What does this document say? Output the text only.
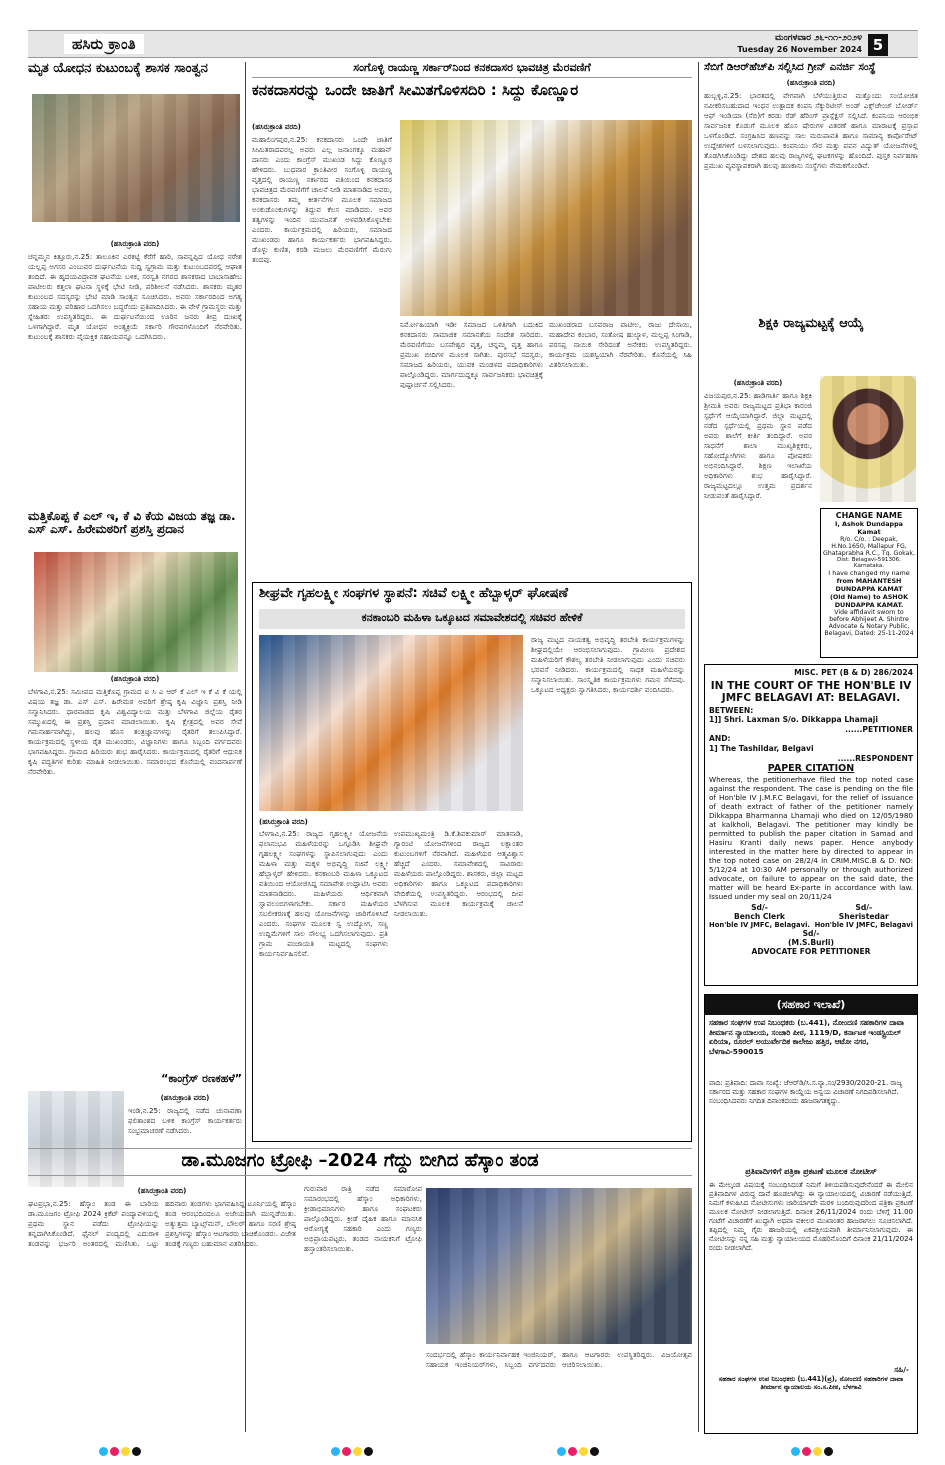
ಹಸಿರು ಕ್ರಾಂತಿ	ಮಂಗಳವಾರ ೨೬-೧೧-೨೦೨೪
Tuesday 26 November 2024 5
ಮೃತ ಯೋಧನ ಕುಟುಂಬಕ್ಕೆ ಶಾಸಕ ಸಾಂತ್ವನ
(ಹಸಿರುಕ್ರಾಂತಿ ವರದಿ)
ಚನ್ನಮ್ಮನ ಕಿತ್ತೂರು,ನ.25: ತಾಲೂಕಿನ ಎರಕಟ್ಟಿ ಕೆರೆಗೆ ಹಾರಿ, ಸಾವನ್ನಪ್ಪಿದ ಯೋಧ ನರೇಶ ಯಲ್ಲಪ್ಪ ಅಗಸರ ಎಂಬುವರ ದುರ್ಘಟನೆಯ ಸುದ್ದಿ ಸ್ವಗ್ರಾಮ ಮತ್ತು ಕುಟುಂಬದವರಲ್ಲಿ ಆಘಾತ ತಂದಿದೆ. ಈ ಹೃದಯವಿದ್ರಾವಕ ಘಟನೆಯ ಬಳಿಕ, ಸರಸ್ವತಿ ನಗರದ ಶಾಸಕರಾದ ಬಾಬಾಸಾಹೇಬ ಪಾಟೀಲರು ಕತ್ತಲಾ ಘಟನಾ ಸ್ಥಳಕ್ಕೆ ಭೇಟಿ ನೀಡಿ, ಪರಿಶೀಲನೆ ನಡೆಸಿದರು. ಶಾಸಕರು ಮೃತರ ಕುಟುಂಬದ ಸದಸ್ಯರನ್ನು ಭೇಟಿ ಮಾಡಿ ಸಾಂತ್ವನ ಸೂಚಿಸಿದರು. ಅವರು ಸರ್ಕಾರದಿಂದ ಅಗತ್ಯ ಸಹಾಯ ಮತ್ತು ಪರಿಹಾರ ಒದಗಿಸಲು ಬದ್ಧರೆಂದು ಪ್ರತಿಪಾದಿಸಿದರು. ಈ ವೇಳೆ ಗ್ರಾಮಸ್ಥರು ಮತ್ತು ಸ್ನೇಹಿತರು ಉಪಸ್ಥಿತರಿದ್ದರು. ಈ ದುರ್ಘಟನೆಯಿಂದ ಊರಿನ ಜನರು ತೀವ್ರ ದುಃಖಕ್ಕೆ ಒಳಗಾಗಿದ್ದಾರೆ. ಮೃತ ಯೋಧನ ಅಂತ್ಯಕ್ರಿಯೆ ಸರ್ಕಾರಿ ಗೌರವಗಳೊಂದಿಗೆ ನೆರವೇರಿತು. ಕುಟುಂಬಕ್ಕೆ ಶಾಸಕರು ವೈಯಕ್ತಿಕ ಸಹಾಯವನ್ನೂ ಒದಗಿಸಿದರು.
ಮತ್ತಿಕೊಪ್ಪ ಕೆ ಎಲ್ ಇ, ಕೆ ವಿ ಕೆಯ ವಿಜಯ ತಜ್ಞ ಡಾ. ಎಸ್ ಎಸ್. ಹಿರೇಮಠರಿಗೆ ಪ್ರಶಸ್ತಿ ಪ್ರದಾನ
(ಹಸಿರುಕ್ರಾಂತಿ ವರದಿ)
ಬೆಳಗಾವಿ,ನ.25: ಸಮೀಪದ ಮತ್ತಿಕೊಪ್ಪ ಗ್ರಾಮದ ಐ ಸಿ ಎ ಆರ್ ಕೆ ಎಲ್ ಇ ಕೆ ವಿ ಕೆ ಯಲ್ಲಿ ವಿಷಯ ತಜ್ಞ ಡಾ. ಎಸ್ ಎಸ್. ಹಿರೇಮಠ ಅವರಿಗೆ ಶ್ರೇಷ್ಠ ಕೃಷಿ ವಿಜ್ಞಾನಿ ಪ್ರಶಸ್ತಿ ನೀಡಿ ಸನ್ಮಾನಿಸಿದರು. ಧಾರವಾಡದ ಕೃಷಿ ವಿಶ್ವವಿದ್ಯಾಲಯ ಮತ್ತು ಬೆಳಗಾವಿ ಜಿಲ್ಲೆಯ ರೈತರ ಸಮ್ಮುಖದಲ್ಲಿ ಈ ಪ್ರಶಸ್ತಿ ಪ್ರದಾನ ಮಾಡಲಾಯಿತು. ಕೃಷಿ ಕ್ಷೇತ್ರದಲ್ಲಿ ಅವರ ಸೇವೆ ಗಮನಾರ್ಹವಾಗಿದ್ದು, ಹಲವು ಹೊಸ ತಂತ್ರಜ್ಞಾನಗಳನ್ನು ರೈತರಿಗೆ ತಲುಪಿಸಿದ್ದಾರೆ. ಕಾರ್ಯಕ್ರಮದಲ್ಲಿ ಸ್ಥಳೀಯ ರೈತ ಮುಖಂಡರು, ವಿಜ್ಞಾನಿಗಳು ಹಾಗೂ ಸಿಬ್ಬಂದಿ ವರ್ಗದವರು ಭಾಗವಹಿಸಿದ್ದರು. ಗ್ರಾಮದ ಹಿರಿಯರು ಶುಭ ಹಾರೈಸಿದರು. ಕಾರ್ಯಕ್ರಮದಲ್ಲಿ ರೈತರಿಗೆ ಆಧುನಿಕ ಕೃಷಿ ಪದ್ಧತಿಗಳ ಕುರಿತು ಮಾಹಿತಿ ನೀಡಲಾಯಿತು. ಸಮಾರಂಭದ ಕೊನೆಯಲ್ಲಿ ವಂದನಾರ್ಪಣೆ ನೆರವೇರಿತು.
“ಕಾಂಗ್ರೆಸ್ ರಣಕಹಳೆ”
(ಹಸಿರುಕ್ರಾಂತಿ ವರದಿ)
ಇಂಡಿ,ನ.25: ರಾಜ್ಯದಲ್ಲಿ ನಡೆದ ಚುನಾವಣಾ ಫಲಿತಾಂಶದ ಬಳಿಕ ಕಾಂಗ್ರೆಸ್ ಕಾರ್ಯಕರ್ತರು ಸಂಭ್ರಮಾಚರಣೆ ನಡೆಸಿದರು.
ಸಂಗೊಳ್ಳಿ ರಾಯಣ್ಣ ಸರ್ಕಾರ್‌ನಿಂದ ಕನಕದಾಸರ ಭಾವಚಿತ್ರ ಮೆರವಣಿಗೆ
ಕನಕದಾಸರನ್ನು ಒಂದೇ ಜಾತಿಗೆ ಸೀಮಿತಗೊಳಿಸದಿರಿ : ಸಿದ್ದು ಕೊಣ್ಣೂರ
(ಹಸಿರುಕ್ರಾಂತಿ ವರದಿ)
ಮಹಾಲಿಂಗಪುರ,ನ.25: ಕನಕದಾಸರು ಒಂದೇ ಜಾತಿಗೆ ಸೀಮಿತರಾದವರಲ್ಲ ಅವರು ಎಲ್ಲ ಜನಾಂಗಕ್ಕೂ ಮಹಾನ್ ದಾಸರು ಎಂದು ಕಾಂಗ್ರೆಸ್ ಮುಖಂಡ ಸಿದ್ದು ಕೊಣ್ಣೂರ ಹೇಳಿದರು. ಬುಧವಾರ ಕ್ರಾಂತಿವೀರ ಸಂಗೊಳ್ಳಿ ರಾಯಣ್ಣ ವೃತ್ತದಲ್ಲಿ ರಾಯಣ್ಣ ಸರ್ಕಾರದ ವತಿಯಿಂದ ಕನಕದಾಸರ ಭಾವಚಿತ್ರದ ಮೆರವಣಿಗೆಗೆ ಚಾಲನೆ ನೀಡಿ ಮಾತನಾಡಿದ ಅವರು, ಕನಕದಾಸರು ತಮ್ಮ ಕೀರ್ತನೆಗಳ ಮೂಲಕ ಸಮಾಜದ ಅಂಕುಡೊಂಕುಗಳನ್ನು ತಿದ್ದುವ ಕೆಲಸ ಮಾಡಿದರು. ಅವರ ತತ್ವಗಳನ್ನು ಇಂದಿನ ಯುವಜನತೆ ಅಳವಡಿಸಿಕೊಳ್ಳಬೇಕು ಎಂದರು. ಕಾರ್ಯಕ್ರಮದಲ್ಲಿ ಹಿರಿಯರು, ಸಮಾಜದ ಮುಖಂಡರು ಹಾಗೂ ಕಾರ್ಯಕರ್ತರು ಭಾಗವಹಿಸಿದ್ದರು. ಡೊಳ್ಳು ಕುಣಿತ, ಕರಡಿ ಮಜಲು ಮೆರವಣಿಗೆಗೆ ಮೆರುಗು ತಂದವು.
ನಿರ್ಮೋಹಿಯಾಗಿ ಇಡೀ ಸಮಾಜದ ಒಳಿತಿಗಾಗಿ ಬದುಕಿದ ಕನಕದಾಸರು ಸಾಮಾಜಿಕ ಸಮಾನತೆಯ ಸಂದೇಶ ಸಾರಿದರು. ಮೆರವಣಿಗೆಯು ಬಸವೇಶ್ವರ ವೃತ್ತ, ಚನ್ನಮ್ಮ ವೃತ್ತ ಹಾಗೂ ಪ್ರಮುಖ ಬೀದಿಗಳ ಮೂಲಕ ಸಾಗಿತು. ಪುರಸಭೆ ಸದಸ್ಯರು, ಸಮಾಜದ ಹಿರಿಯರು, ಯುವಕ ಮಂಡಳದ ಪದಾಧಿಕಾರಿಗಳು ಪಾಲ್ಗೊಂಡಿದ್ದರು. ಮಾರ್ಗದುದ್ದಕ್ಕೂ ಸಾರ್ವಜನಿಕರು ಭಾವಚಿತ್ರಕ್ಕೆ ಪುಷ್ಪಾರ್ಚನೆ ಸಲ್ಲಿಸಿದರು.
ಮುಖಂಡರಾದ ಬಸವರಾಜ ಪಾಟೀಲ, ರಾಜು ದೇಸಾಯಿ, ಮಹಾದೇವ ಕಂಬಾರ, ಸಂತೋಷ ಹುಲ್ಯಾಳ, ಮಲ್ಲಪ್ಪ ಸಿಂಗಾಡಿ, ಪರಸಪ್ಪ ನಾಯಿಕ ಸೇರಿದಂತೆ ಅನೇಕರು ಉಪಸ್ಥಿತರಿದ್ದರು. ಕಾರ್ಯಕ್ರಮ ಯಶಸ್ವಿಯಾಗಿ ನೆರವೇರಿತು. ಕೊನೆಯಲ್ಲಿ ಸಿಹಿ ವಿತರಿಸಲಾಯಿತು.
ಶೀಘ್ರವೇ ಗೃಹಲಕ್ಷ್ಮೀ ಸಂಘಗಳ ಸ್ಥಾಪನೆ: ಸಚಿವೆ ಲಕ್ಷ್ಮೀ ಹೆಬ್ಬಾಳ್ಕರ್ ಘೋಷಣೆ
ಕನಕಾಂಬರಿ ಮಹಿಳಾ ಒಕ್ಕೂಟದ ಸಮಾವೇಶದಲ್ಲಿ ಸಚಿವರ ಹೇಳಿಕೆ
(ಹಸಿರುಕ್ರಾಂತಿ ವರದಿ)
ಬೆಳಗಾವಿ,ನ.25: ರಾಜ್ಯದ ಗೃಹಲಕ್ಷ್ಮೀ ಯೋಜನೆಯ ಫಲಾನುಭವಿ ಮಹಿಳೆಯರನ್ನು ಒಗ್ಗೂಡಿಸಿ ಶೀಘ್ರವೇ ಗೃಹಲಕ್ಷ್ಮೀ ಸಂಘಗಳನ್ನು ಸ್ಥಾಪಿಸಲಾಗುವುದು ಎಂದು ಮಹಿಳಾ ಮತ್ತು ಮಕ್ಕಳ ಅಭಿವೃದ್ಧಿ ಸಚಿವೆ ಲಕ್ಷ್ಮೀ ಹೆಬ್ಬಾಳ್ಕರ್ ಹೇಳಿದರು. ಕನಕಾಂಬರಿ ಮಹಿಳಾ ಒಕ್ಕೂಟದ ವತಿಯಿಂದ ಆಯೋಜಿಸಿದ್ದ ಸಮಾವೇಶ ಉದ್ಘಾಟಿಸಿ ಅವರು ಮಾತನಾಡಿದರು. ಮಹಿಳೆಯರು ಆರ್ಥಿಕವಾಗಿ ಸ್ವಾವಲಂಬಿಗಳಾಗಬೇಕು. ಸರ್ಕಾರ ಮಹಿಳೆಯರ ಸಬಲೀಕರಣಕ್ಕೆ ಹಲವು ಯೋಜನೆಗಳನ್ನು ಜಾರಿಗೊಳಿಸಿದೆ ಎಂದರು. ಸಂಘಗಳ ಮೂಲಕ ಸ್ವ ಉದ್ಯೋಗ, ಸಣ್ಣ ಉದ್ದಿಮೆಗಳಿಗೆ ಸಾಲ ಸೌಲಭ್ಯ ಒದಗಿಸಲಾಗುವುದು. ಪ್ರತಿ ಗ್ರಾಮ ಪಂಚಾಯತಿ ಮಟ್ಟದಲ್ಲಿ ಸಂಘಗಳು ಕಾರ್ಯನಿರ್ವಹಿಸಲಿವೆ.
ಉಪಮುಖ್ಯಮಂತ್ರಿ ಡಿ.ಕೆ.ಶಿವಕುಮಾರ್ ಮಾತನಾಡಿ, ಗ್ಯಾರಂಟಿ ಯೋಜನೆಗಳಿಂದ ರಾಜ್ಯದ ಲಕ್ಷಾಂತರ ಕುಟುಂಬಗಳಿಗೆ ನೆರವಾಗಿದೆ. ಮಹಿಳೆಯರ ಆತ್ಮವಿಶ್ವಾಸ ಹೆಚ್ಚಿದೆ ಎಂದರು. ಸಮಾವೇಶದಲ್ಲಿ ಸಾವಿರಾರು ಮಹಿಳೆಯರು ಪಾಲ್ಗೊಂಡಿದ್ದರು. ಶಾಸಕರು, ಜಿಲ್ಲಾ ಮಟ್ಟದ ಅಧಿಕಾರಿಗಳು ಹಾಗೂ ಒಕ್ಕೂಟದ ಪದಾಧಿಕಾರಿಗಳು ವೇದಿಕೆಯಲ್ಲಿ ಉಪಸ್ಥಿತರಿದ್ದರು. ಆರಂಭದಲ್ಲಿ ದೀಪ ಬೆಳಗಿಸುವ ಮೂಲಕ ಕಾರ್ಯಕ್ರಮಕ್ಕೆ ಚಾಲನೆ ನೀಡಲಾಯಿತು.
ರಾಜ್ಯ ಮಟ್ಟದ ನಾಯಕತ್ವ ಅಭಿವೃದ್ಧಿ ತರಬೇತಿ ಕಾರ್ಯಕ್ರಮಗಳನ್ನು ಶೀಘ್ರದಲ್ಲಿಯೇ ಆರಂಭಿಸಲಾಗುವುದು. ಗ್ರಾಮೀಣ ಪ್ರದೇಶದ ಮಹಿಳೆಯರಿಗೆ ಕೌಶಲ್ಯ ತರಬೇತಿ ನೀಡಲಾಗುವುದು ಎಂದು ಸಚಿವರು ಭರವಸೆ ನೀಡಿದರು. ಕಾರ್ಯಕ್ರಮದಲ್ಲಿ ಸಾಧಕ ಮಹಿಳೆಯರನ್ನು ಸನ್ಮಾನಿಸಲಾಯಿತು. ಸಾಂಸ್ಕೃತಿಕ ಕಾರ್ಯಕ್ರಮಗಳು ಗಮನ ಸೆಳೆದವು. ಒಕ್ಕೂಟದ ಅಧ್ಯಕ್ಷರು ಸ್ವಾಗತಿಸಿದರು, ಕಾರ್ಯದರ್ಶಿ ವಂದಿಸಿದರು.
ಡಾ.ಮೂಜಗಂ ಟ್ರೋಫಿ –2024 ಗೆದ್ದು ಬೀಗಿದ ಹೆಸ್ಕಾಂ ತಂಡ
(ಹಸಿರುಕ್ರಾಂತಿ ವರದಿ)
ಘಟಪ್ರಭಾ,ನ.25: ಹೆಸ್ಕಾಂ ತಂಡ ಈ ಬಾರಿಯ ಡಾ.ಮೂಜಗಂ ಟ್ರೋಫಿ 2024 ಕ್ರಿಕೆಟ್ ಪಂದ್ಯಾವಳಿಯಲ್ಲಿ ಪ್ರಥಮ ಸ್ಥಾನ ಪಡೆದು ಟ್ರೋಫಿಯನ್ನು ತನ್ನದಾಗಿಸಿಕೊಂಡಿದೆ. ಫೈನಲ್ ಪಂದ್ಯದಲ್ಲಿ ಎದುರಾಳಿ ತಂಡವನ್ನು ಭರ್ಜರಿ ಅಂತರದಲ್ಲಿ ಮಣಿಸಿತು. ಒಟ್ಟು ಹದಿನಾರು ತಂಡಗಳು ಭಾಗವಹಿಸಿದ್ದ ಟೂರ್ನಿಯಲ್ಲಿ ಹೆಸ್ಕಾಂ ತಂಡ ಆರಂಭದಿಂದಲೂ ಅಜೇಯವಾಗಿ ಮುನ್ನಡೆಯಿತು. ಅತ್ಯುತ್ತಮ ಬ್ಯಾಟ್ಸ್‌ಮನ್, ಬೌಲರ್ ಹಾಗೂ ಸರಣಿ ಶ್ರೇಷ್ಠ ಪ್ರಶಸ್ತಿಗಳನ್ನು ಹೆಸ್ಕಾಂ ಆಟಗಾರರು ಬಾಚಿಕೊಂಡರು. ವಿಜೇತ ತಂಡಕ್ಕೆ ಗಣ್ಯರು ಬಹುಮಾನ ವಿತರಿಸಿದರು.
ಗುರುವಾರ ರಾತ್ರಿ ನಡೆದ ಸಮಾರೋಪ ಸಮಾರಂಭದಲ್ಲಿ ಹೆಸ್ಕಾಂ ಅಧಿಕಾರಿಗಳು, ಕ್ರೀಡಾಭಿಮಾನಿಗಳು ಹಾಗೂ ಸಂಘಟಕರು ಪಾಲ್ಗೊಂಡಿದ್ದರು. ಕ್ರೀಡೆ ದೈಹಿಕ ಹಾಗೂ ಮಾನಸಿಕ ಆರೋಗ್ಯಕ್ಕೆ ಸಹಕಾರಿ ಎಂದು ಗಣ್ಯರು ಅಭಿಪ್ರಾಯಪಟ್ಟರು. ತಂಡದ ನಾಯಕನಿಗೆ ಟ್ರೋಫಿ ಹಸ್ತಾಂತರಿಸಲಾಯಿತು.
ಸಂದರ್ಭದಲ್ಲಿ ಹೆಸ್ಕಾಂ ಕಾರ್ಯನಿರ್ವಾಹಕ ಇಂಜಿನಿಯರ್, ಸಹಾಯಕ ಇಂಜಿನಿಯರ್‌ಗಳು, ಸಿಬ್ಬಂದಿ ವರ್ಗದವರು ಹಾಗೂ ಆಟಗಾರರು ಉಪಸ್ಥಿತರಿದ್ದರು. ವಿಜಯೋತ್ಸವ ಆಚರಿಸಲಾಯಿತು.
ಸೆಬಿಗೆ ಡಿಆರ್‌ಹೆಚ್‌ಪಿ ಸಲ್ಲಿಸಿದ ಗ್ರೀನ್ ಎನರ್ಜಿ ಸಂಸ್ಥೆ
(ಹಸಿರುಕ್ರಾಂತಿ ವರದಿ)
ಹುಬ್ಬಳ್ಳಿ,ನ.25: ಭಾರತದಲ್ಲಿ ವೇಗವಾಗಿ ಬೆಳೆಯುತ್ತಿರುವ ಮತ್ತೊಂದು ಸಂಯೋಜಿತ ನವೀಕರಿಸಬಹುದಾದ ಇಂಧನ ಉತ್ಪಾದಕ ಕಂಪನಿ ಸೆಕ್ಯುರಿಟೀಸ್ ಅಂಡ್ ಎಕ್ಸ್‌ಚೇಂಜ್ ಬೋರ್ಡ್ ಆಫ್ ಇಂಡಿಯಾ (ಸೆಬಿ)ಗೆ ಕರಡು ರೆಡ್ ಹೆರಿಂಗ್ ಪ್ರಾಸ್ಪೆಕ್ಟಸ್ ಸಲ್ಲಿಸಿದೆ. ಕಂಪನಿಯ ಆರಂಭಿಕ ಸಾರ್ವಜನಿಕ ಕೊಡುಗೆ ಮೂಲಕ ಹೊಸ ಷೇರುಗಳ ವಿತರಣೆ ಹಾಗೂ ಮಾರಾಟಕ್ಕೆ ಪ್ರಸ್ತಾಪ ಒಳಗೊಂಡಿದೆ. ಸಂಗ್ರಹಿಸಿದ ಹಣವನ್ನು ಸಾಲ ಮರುಪಾವತಿ ಹಾಗೂ ಸಾಮಾನ್ಯ ಕಾರ್ಪೊರೇಟ್ ಉದ್ದೇಶಗಳಿಗೆ ಬಳಸಲಾಗುವುದು. ಕಂಪನಿಯು ಸೌರ ಮತ್ತು ಪವನ ವಿದ್ಯುತ್ ಯೋಜನೆಗಳಲ್ಲಿ ತೊಡಗಿಸಿಕೊಂಡಿದ್ದು ದೇಶದ ಹಲವು ರಾಜ್ಯಗಳಲ್ಲಿ ಘಟಕಗಳನ್ನು ಹೊಂದಿದೆ. ಪುಸ್ತಕ ನಿರ್ವಹಣಾ ಪ್ರಮುಖ ವ್ಯವಸ್ಥಾಪಕರಾಗಿ ಹಲವು ಹಣಕಾಸು ಸಂಸ್ಥೆಗಳು ನೇಮಕಗೊಂಡಿವೆ.
ಶಿಕ್ಷಕಿ ರಾಜ್ಯಮಟ್ಟಕ್ಕೆ ಆಯ್ಕೆ
(ಹಸಿರುಕ್ರಾಂತಿ ವರದಿ)
ವಿಜಯಪುರ,ನ.25: ಹಾಡಿಗಾರ್ತಿ ಹಾಗೂ ಶಿಕ್ಷಕಿ ಶ್ರೀಮತಿ ಅವರು ರಾಜ್ಯಮಟ್ಟದ ಪ್ರತಿಭಾ ಕಾರಂಜಿ ಸ್ಪರ್ಧೆಗೆ ಆಯ್ಕೆಯಾಗಿದ್ದಾರೆ. ಜಿಲ್ಲಾ ಮಟ್ಟದಲ್ಲಿ ನಡೆದ ಸ್ಪರ್ಧೆಯಲ್ಲಿ ಪ್ರಥಮ ಸ್ಥಾನ ಪಡೆದ ಅವರು ಶಾಲೆಗೆ ಕೀರ್ತಿ ತಂದಿದ್ದಾರೆ. ಅವರ ಸಾಧನೆಗೆ ಶಾಲಾ ಮುಖ್ಯಶಿಕ್ಷಕರು, ಸಹೋದ್ಯೋಗಿಗಳು ಹಾಗೂ ಪೋಷಕರು ಅಭಿನಂದಿಸಿದ್ದಾರೆ. ಶಿಕ್ಷಣ ಇಲಾಖೆಯ ಅಧಿಕಾರಿಗಳು ಶುಭ ಹಾರೈಸಿದ್ದಾರೆ. ರಾಜ್ಯಮಟ್ಟದಲ್ಲೂ ಉತ್ತಮ ಪ್ರದರ್ಶನ ನೀಡುವಂತೆ ಹಾರೈಸಿದ್ದಾರೆ.
CHANGE NAME
I, Ashok Dundappa Kamat
R/o. C/o. : Deepak,
H.No.1650, Mallapur FG,
Ghataprabha R.C., Tq. Gokak,
Dist: Belagavi-591306, Karnataka.
I have changed my name
from MAHANTESH
DUNDAPPA KAMAT
(Old Name) to ASHOK
DUNDAPPA KAMAT.
Vide affidavit sworn to
before Abhijeet A. Shintre
Advocate & Notary Public,
Belagavi, Dated: 25-11-2024

MISC. PET (B & D) 286/2024

IN THE COURT OF THE HON'BLE IV JMFC BELAGAVI AT: BELAGAVI.

BETWEEN:

1]] Shri. Laxman S/o. Dikkappa Lhamaji

......PETITIONER

AND:

1] The Tashildar, Belgavi

......RESPONDENT

PAPER CITATION

Whereas, the petitionerhave filed the top noted case against the respondent. The case is pending on the file of Hon'ble IV J.M.F.C Belagavi, for the relief of issuance of death extract of father of the petitioner namely Dikkappa Bharmanna Lhamaji who died on 12/05/1980 at kalkholi, Belagavi. The petitioner may kindly be permitted to publish the paper citation in Samad and Hasiru Kranti daily news paper. Hence anybody interested in the matter here by directed to appear in the top noted case on 28/2/4 in CRIM.MISC.B & D. NO: 5/12/24 at 10:30 AM personally or through authorized advocate, on failure to appear on the said date, the matter will be heard Ex-parte in accordance with law. Issued under my seal on 20/11/24

Sd/-
Bench Clerk
Hon'ble IV JMFC, Belagavi.
Sd/-
Sheristedar
Hon'ble IV JMFC, Belagavi
Sd/-
(M.S.Burli)
ADVOCATE FOR PETITIONER
(ಸಹಕಾರ ಇಲಾಖೆ)
ಸಹಕಾರ ಸಂಘಗಳ ಉಪ ನಿಬಂಧಕರು (ಬ.441), ನೋಂದಣಿ ಸಹಕಾರಿಗಳ ದಾವಾ ತೀರ್ಮಾನ ನ್ಯಾಯಾಲಯ, ಸಂಚಾರಿ ಪೀಠ, 1119/D, ಕರ್ನಾಟಕ ಇಂಡಸ್ಟ್ರಿಯಲ್ ಏರಿಯಾ, ರೂರಲ್ ಅಯುರ್ವೇದಿಕ ಕಾಲೇಜು ಹತ್ತಿರ, ಆಟೋ ನಗರ, ಬೆಳಗಾವಿ-590015
ವಾದಿ: ಪ್ರತಿವಾದಿ: ದಾವಾ ಸಂಖ್ಯೆ: ಜೆಆರ್‌ಡಿ/ಸಿ.ಸ.ನ್ಯಾ.ಸಂ/2930/2020-21. ರಾಜ್ಯ ಸರ್ಕಾರದ ಮತ್ತು ಸಹಕಾರ ಸಂಘಗಳ ಕಾಯ್ದೆಯ ಅನ್ವಯ ವಿಚಾರಣೆ ನಿಗದಿಪಡಿಸಲಾಗಿದೆ. ಸಂಬಂಧಿಸಿದವರು ನಿಗದಿತ ದಿನಾಂಕದಂದು ಹಾಜರಾಗತಕ್ಕದ್ದು.
ಪ್ರತಿವಾದಿಗಳಿಗೆ ಪತ್ರಿಕಾ ಪ್ರಕಟಣೆ ಮೂಲಕ ನೋಟೀಸ್
ಈ ಮೇಲ್ಕಂಡ ವಿಷಯಕ್ಕೆ ಸಂಬಂಧಿಸಿದಂತೆ ನಿಮಗೆ ತಿಳಿಯಪಡಿಸುವುದೇನೆಂದರೆ ಈ ಮೇಲಿನ ಪ್ರತಿವಾದಿಗಳ ವಿರುದ್ಧ ದಾವೆ ಹೂಡಲಾಗಿದ್ದು ಈ ನ್ಯಾಯಾಲಯದಲ್ಲಿ ವಿಚಾರಣೆ ನಡೆಯುತ್ತಿದೆ. ನಿಮಗೆ ಕಳುಹಿಸಿದ ನೋಟೀಸುಗಳು ಜಾರಿಯಾಗದೇ ಮರಳಿ ಬಂದಿರುವುದರಿಂದ ಪತ್ರಿಕಾ ಪ್ರಕಟಣೆ ಮೂಲಕ ನೋಟೀಸ್ ನೀಡಲಾಗುತ್ತಿದೆ. ದಿನಾಂಕ 26/11/2024 ರಂದು ಬೆಳಿಗ್ಗೆ 11.00 ಗಂಟೆಗೆ ವಿಚಾರಣೆಗೆ ಖುದ್ದಾಗಿ ಅಥವಾ ವಕೀಲರ ಮುಖಾಂತರ ಹಾಜರಾಗಲು ಸೂಚಿಸಲಾಗಿದೆ. ತಪ್ಪಿದಲ್ಲಿ ನಿಮ್ಮ ಗೈರು ಹಾಜರಿಯಲ್ಲಿ ಏಕಪಕ್ಷೀಯವಾಗಿ ತೀರ್ಮಾನಿಸಲಾಗುವುದು. ಈ ನೋಟೀಸನ್ನು ನನ್ನ ಸಹಿ ಮತ್ತು ನ್ಯಾಯಾಲಯದ ಮೊಹರಿನೊಂದಿಗೆ ದಿನಾಂಕ 21/11/2024 ರಂದು ನೀಡಲಾಗಿದೆ.
ಸಹಿ/-
ಸಹಕಾರ ಸಂಘಗಳ ಉಪ ನಿಬಂಧಕರು (ಬ.441)(ಪ್ರ), ನೋಂದಣಿ ಸಹಕಾರಿಗಳ ದಾವಾ ತೀರ್ಮಾನ ನ್ಯಾಯಾಲಯ ಸಂ.ಸ.ಪೀಠ, ಬೆಳಗಾವಿ
